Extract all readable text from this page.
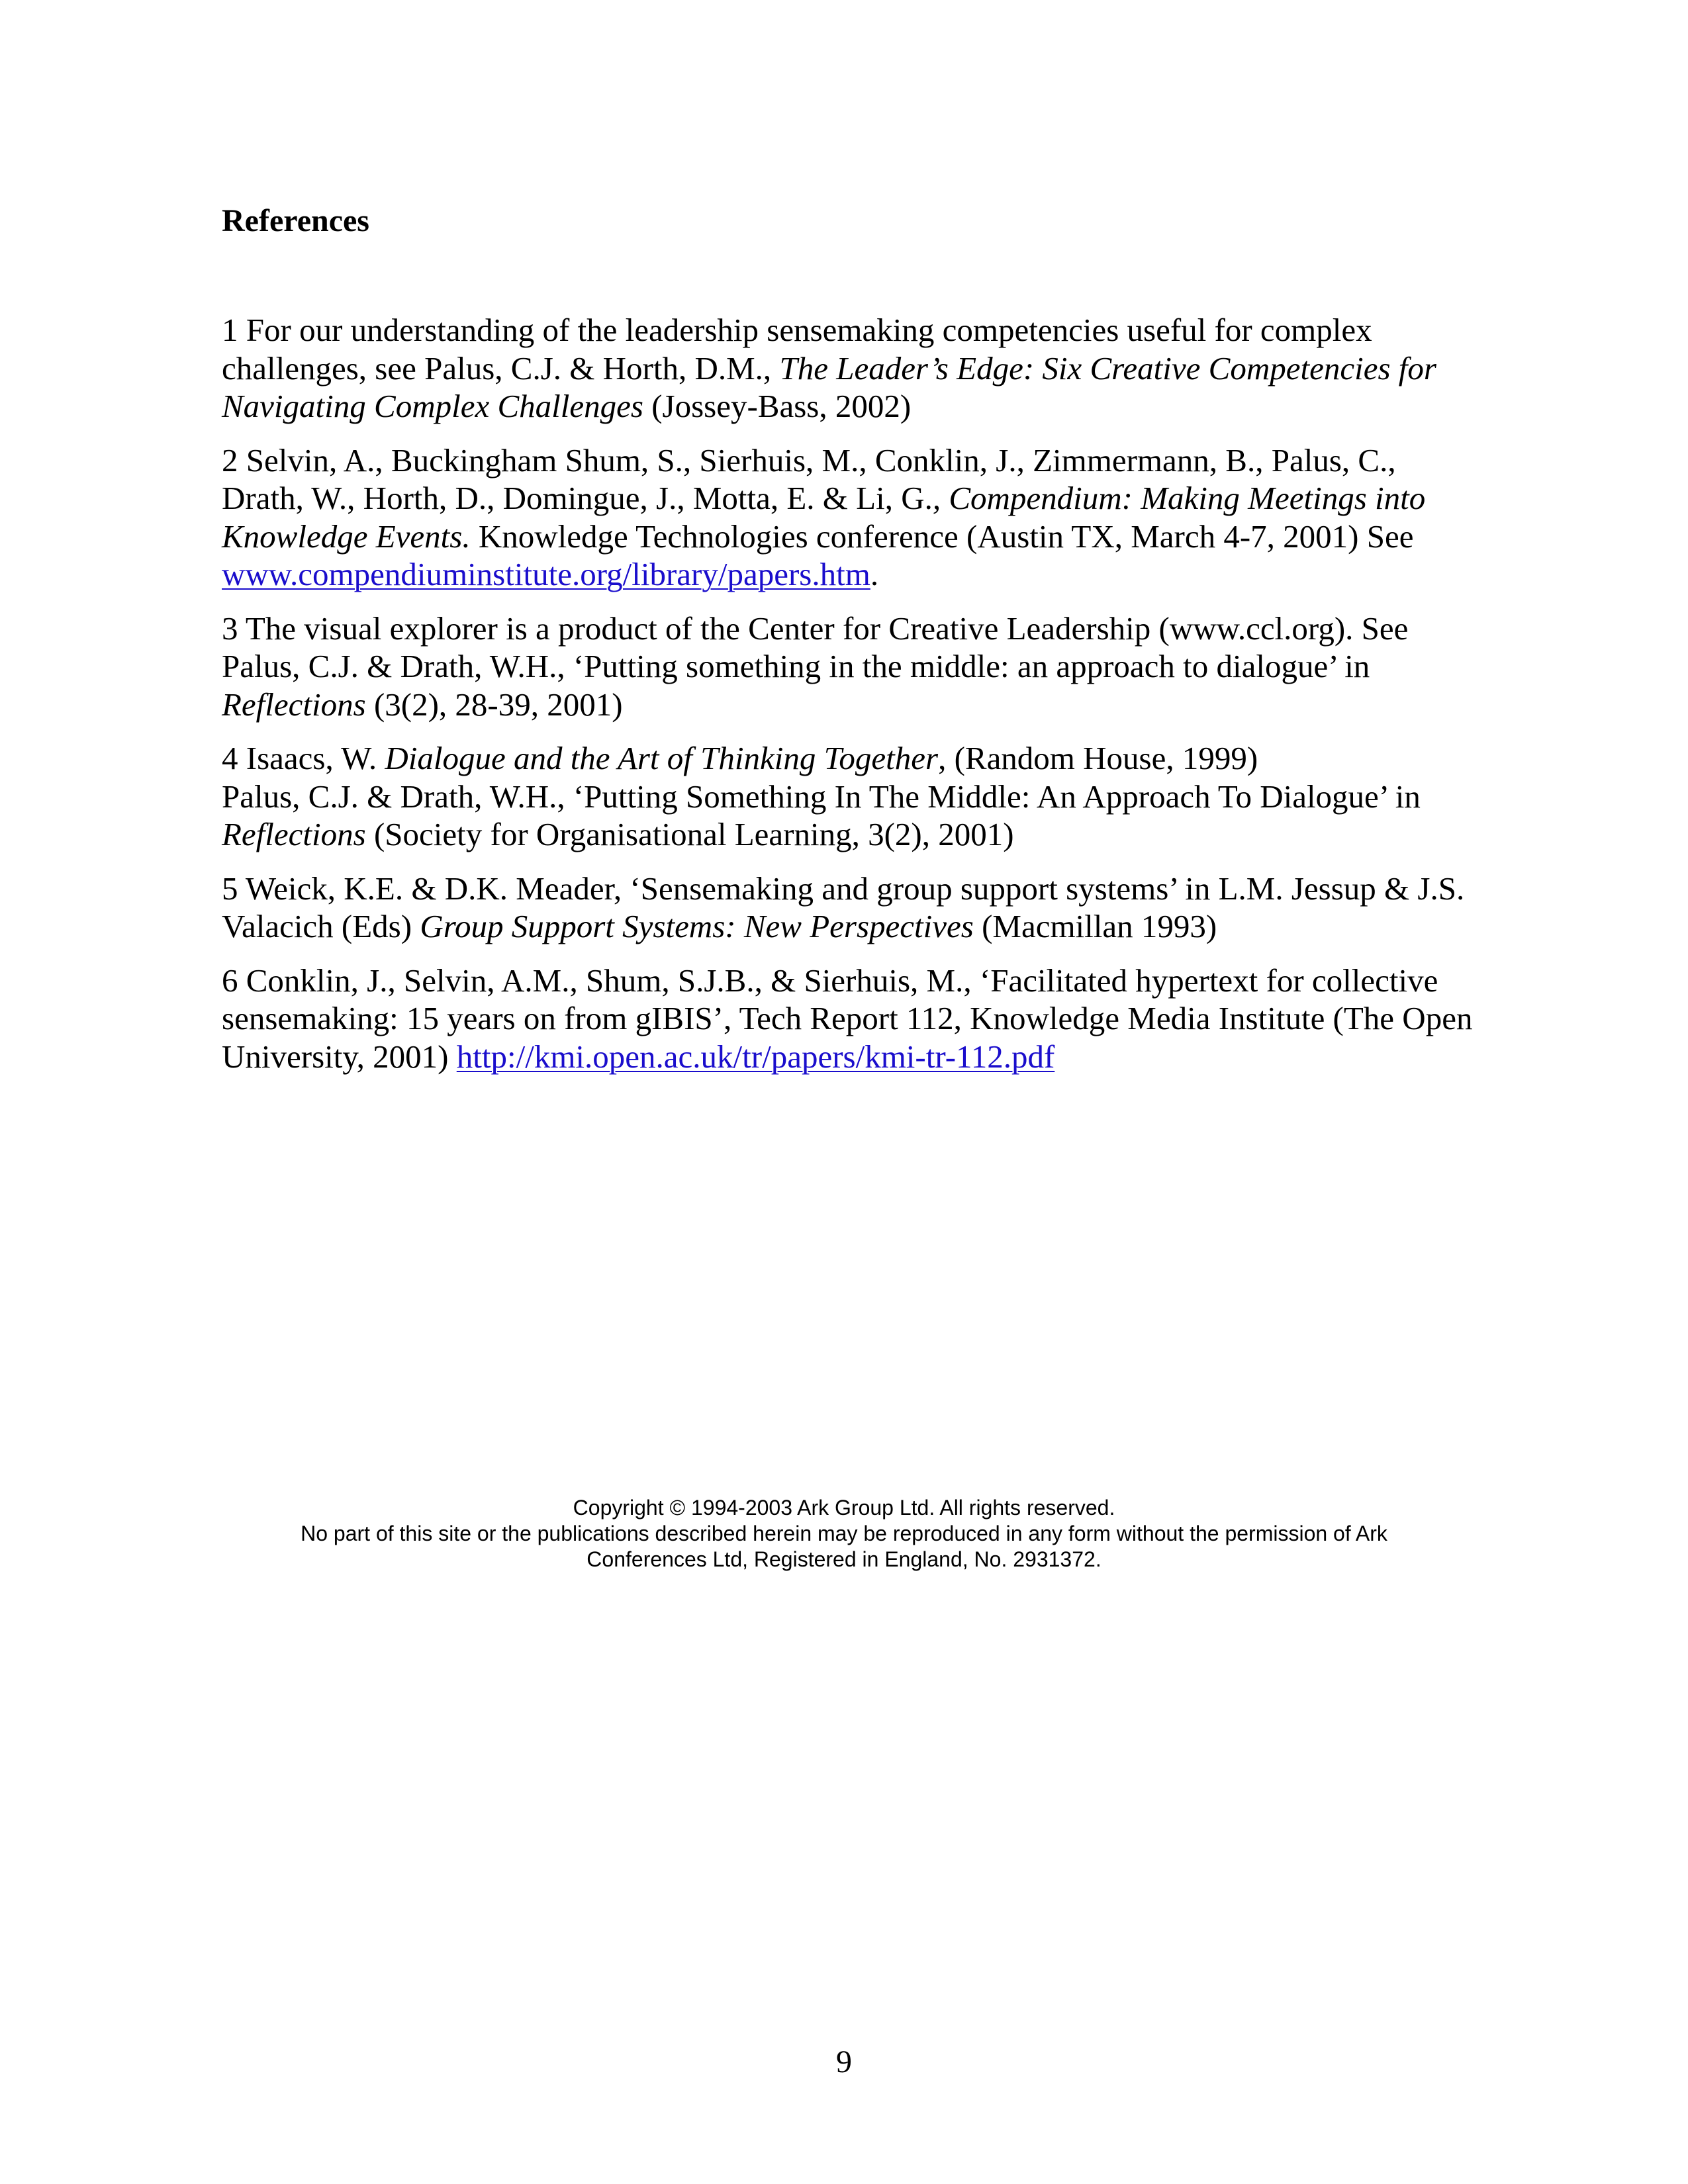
References

1 For our understanding of the leadership sensemaking competencies useful for complex
challenges, see Palus, C.J. & Horth, D.M., The Leader’s Edge: Six Creative Competencies for
Navigating Complex Challenges (Jossey-Bass, 2002)

2 Selvin, A., Buckingham Shum, S., Sierhuis, M., Conklin, J., Zimmermann, B., Palus, C.,
Drath, W., Horth, D., Domingue, J., Motta, E. & Li, G., Compendium: Making Meetings into
Knowledge Events. Knowledge Technologies conference (Austin TX, March 4-7, 2001) See
www.compendiuminstitute.org/library/papers.htm.

3 The visual explorer is a product of the Center for Creative Leadership (www.ccl.org). See
Palus, C.J. & Drath, W.H., ‘Putting something in the middle: an approach to dialogue’ in
Reflections (3(2), 28-39, 2001)

4 Isaacs, W. Dialogue and the Art of Thinking Together, (Random House, 1999)
Palus, C.J. & Drath, W.H., ‘Putting Something In The Middle: An Approach To Dialogue’ in
Reflections (Society for Organisational Learning, 3(2), 2001)

5 Weick, K.E. & D.K. Meader, ‘Sensemaking and group support systems’ in L.M. Jessup & J.S.
Valacich (Eds) Group Support Systems: New Perspectives (Macmillan 1993)

6 Conklin, J., Selvin, A.M., Shum, S.J.B., & Sierhuis, M., ‘Facilitated hypertext for collective
sensemaking: 15 years on from gIBIS’, Tech Report 112, Knowledge Media Institute (The Open
University, 2001) http://kmi.open.ac.uk/tr/papers/kmi-tr-112.pdf

Copyright © 1994-2003 Ark Group Ltd. All rights reserved.
No part of this site or the publications described herein may be reproduced in any form without the permission of Ark
Conferences Ltd, Registered in England, No. 2931372.
9
